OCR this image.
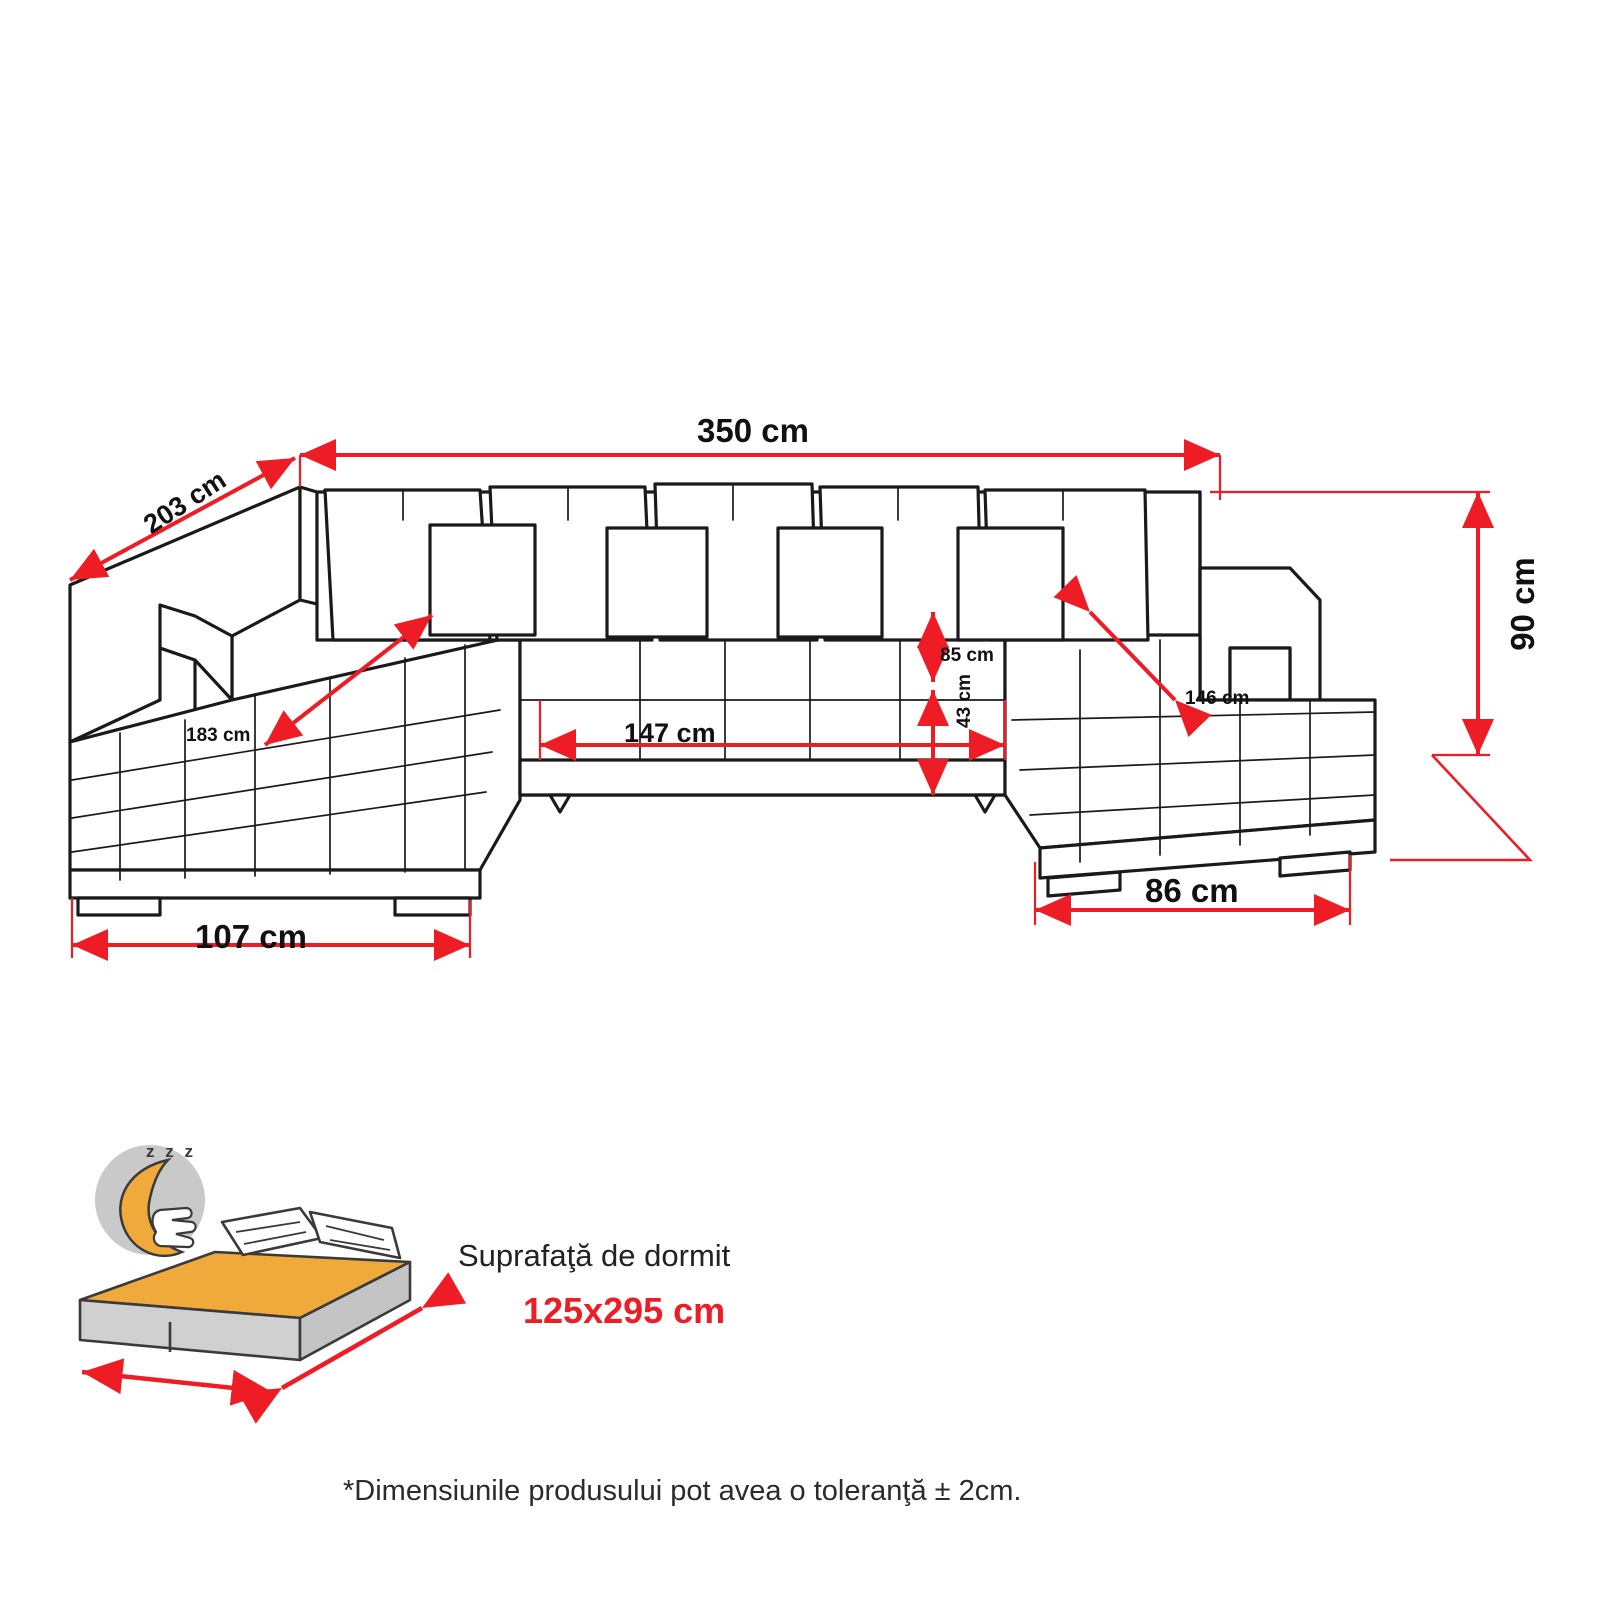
350 cm
203 cm
90 cm
183 cm
107 cm
147 cm
85 cm
43 cm	146 cm
86 cm
z z z
Suprafaţă de dormit
125x295 cm
*Dimensiunile produsului pot avea o toleranţă ± 2cm.
